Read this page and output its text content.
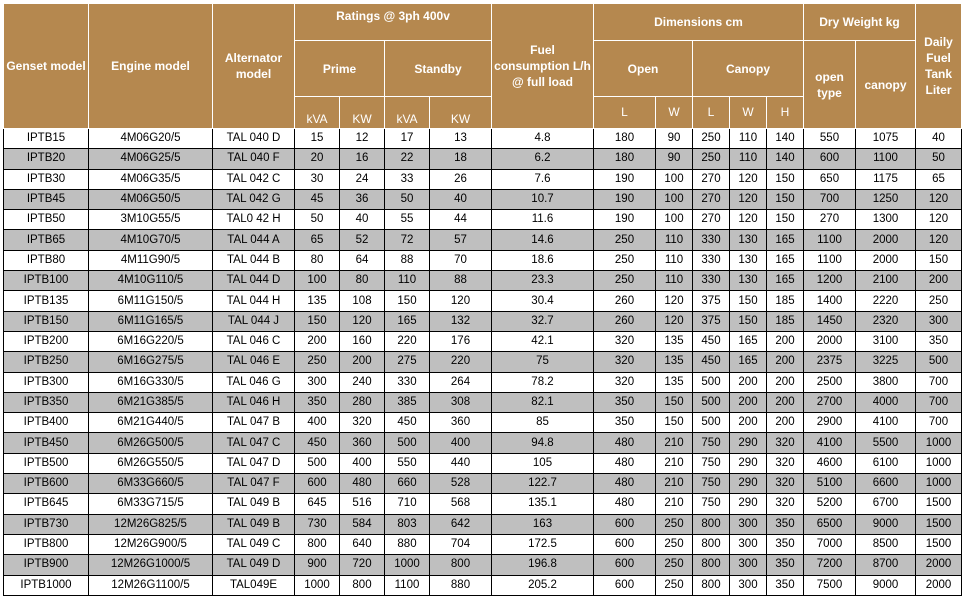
Genset model	Engine model	Alternator model	Ratings @ 3ph 400v				Fuel consumption L/h @ full load	Dimensions cm					Dry Weight kg		Daily Fuel Tank Liter
			Prime		Standby			Open		Canopy			open type	canopy	
			kVA	KW	kVA	KW		L	W	L	W	H			
IPTB15	4M06G20/5	TAL 040 D	15	12	17	13	4.8	180	90	250	110	140	550	1075	40
IPTB20	4M06G25/5	TAL 040 F	20	16	22	18	6.2	180	90	250	110	140	600	1100	50
IPTB30	4M06G35/5	TAL 042 C	30	24	33	26	7.6	190	100	270	120	150	650	1175	65
IPTB45	4M06G50/5	TAL 042 G	45	36	50	40	10.7	190	100	270	120	150	700	1250	120
IPTB50	3M10G55/5	TAL0 42 H	50	40	55	44	11.6	190	100	270	120	150	270	1300	120
IPTB65	4M10G70/5	TAL 044 A	65	52	72	57	14.6	250	110	330	130	165	1100	2000	120
IPTB80	4M11G90/5	TAL 044 B	80	64	88	70	18.6	250	110	330	130	165	1100	2000	150
IPTB100	4M10G110/5	TAL 044 D	100	80	110	88	23.3	250	110	330	130	165	1200	2100	200
IPTB135	6M11G150/5	TAL 044 H	135	108	150	120	30.4	260	120	375	150	185	1400	2220	250
IPTB150	6M11G165/5	TAL 044 J	150	120	165	132	32.7	260	120	375	150	185	1450	2320	300
IPTB200	6M16G220/5	TAL 046 C	200	160	220	176	42.1	320	135	450	165	200	2000	3100	350
IPTB250	6M16G275/5	TAL 046 E	250	200	275	220	75	320	135	450	165	200	2375	3225	500
IPTB300	6M16G330/5	TAL 046 G	300	240	330	264	78.2	320	135	500	200	200	2500	3800	700
IPTB350	6M21G385/5	TAL 046 H	350	280	385	308	82.1	350	150	500	200	200	2700	4000	700
IPTB400	6M21G440/5	TAL 047 B	400	320	450	360	85	350	150	500	200	200	2900	4100	700
IPTB450	6M26G500/5	TAL 047 C	450	360	500	400	94.8	480	210	750	290	320	4100	5500	1000
IPTB500	6M26G550/5	TAL 047 D	500	400	550	440	105	480	210	750	290	320	4600	6100	1000
IPTB600	6M33G660/5	TAL 047 F	600	480	660	528	122.7	480	210	750	290	320	5100	6600	1000
IPTB645	6M33G715/5	TAL 049 B	645	516	710	568	135.1	480	210	750	290	320	5200	6700	1500
IPTB730	12M26G825/5	TAL 049 B	730	584	803	642	163	600	250	800	300	350	6500	9000	1500
IPTB800	12M26G900/5	TAL 049 C	800	640	880	704	172.5	600	250	800	300	350	7000	8500	1500
IPTB900	12M26G1000/5	TAL 049 D	900	720	1000	800	196.8	600	250	800	300	350	7200	8700	2000
IPTB1000	12M26G1100/5	TAL049E	1000	800	1100	880	205.2	600	250	800	300	350	7500	9000	2000
